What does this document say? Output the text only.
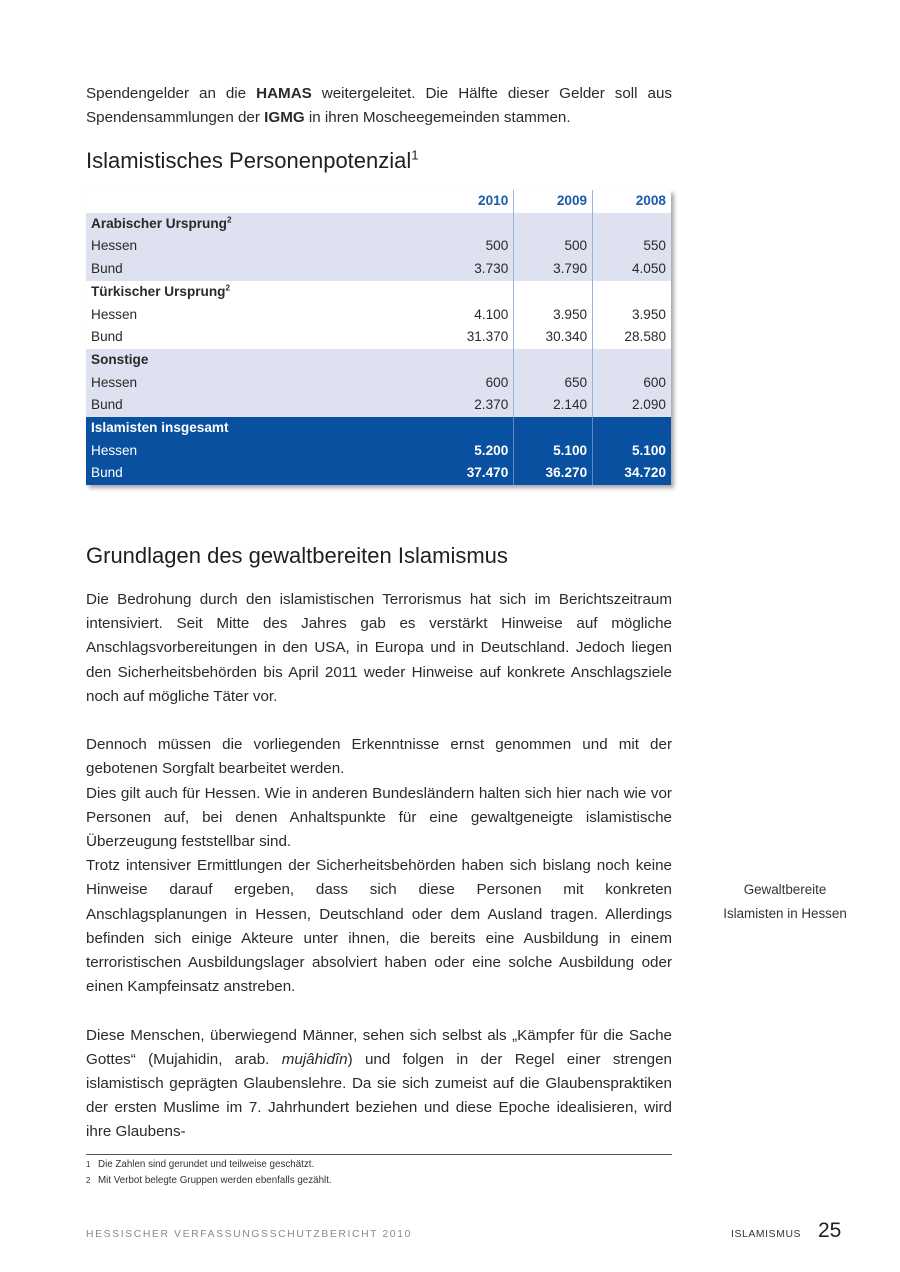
Spendengelder an die HAMAS weitergeleitet. Die Hälfte dieser Gelder soll aus Spendensammlungen der IGMG in ihren Moscheegemeinden stammen.

Islamistisches Personenpotenzial$^1$
	2010	2009	2008
Arabischer Ursprung$^2$			
Hessen	500	500	550
Bund	3.730	3.790	4.050
Türkischer Ursprung$^2$			
Hessen	4.100	3.950	3.950
Bund	31.370	30.340	28.580
Sonstige			
Hessen	600	650	600
Bund	2.370	2.140	2.090
Islamisten insgesamt			
Hessen	5.200	5.100	5.100
Bund	37.470	36.270	34.720
Grundlagen des gewaltbereiten Islamismus

Die Bedrohung durch den islamistischen Terrorismus hat sich im Berichtszeitraum intensiviert. Seit Mitte des Jahres gab es verstärkt Hinweise auf mögliche Anschlagsvorbereitungen in den USA, in Europa und in Deutschland. Jedoch liegen den Sicherheitsbehörden bis April 2011 weder Hinweise auf konkrete Anschlagsziele noch auf mögliche Täter vor.

Dennoch müssen die vorliegenden Erkenntnisse ernst genommen und mit der gebotenen Sorgfalt bearbeitet werden.

Dies gilt auch für Hessen. Wie in anderen Bundesländern halten sich hier nach wie vor Personen auf, bei denen Anhaltspunkte für eine gewaltgeneigte islamistische Überzeugung feststellbar sind.

Trotz intensiver Ermittlungen der Sicherheitsbehörden haben sich bislang noch keine Hinweise darauf ergeben, dass sich diese Personen mit konkreten Anschlagsplanungen in Hessen, Deutschland oder dem Ausland tragen. Allerdings befinden sich einige Akteure unter ihnen, die bereits eine Ausbildung in einem terroristischen Ausbildungslager absolviert haben oder eine solche Ausbildung oder einen Kampfeinsatz anstreben.

Diese Menschen, überwiegend Männer, sehen sich selbst als „Kämpfer für die Sache Gottes“ (Mujahidin, arab. mujâhidîn) und folgen in der Regel einer strengen islamistisch geprägten Glaubenslehre. Da sie sich zumeist auf die Glaubenspraktiken der ersten Muslime im 7. Jahrhundert beziehen und diese Epoche idealisieren, wird ihre Glaubens-

Gewaltbereite
Islamisten in Hessen
1 Die Zahlen sind gerundet und teilweise geschätzt.
2 Mit Verbot belegte Gruppen werden ebenfalls gezählt.
HESSISCHER VERFASSUNGSSCHUTZBERICHT 2010	ISLAMISMUS 25
